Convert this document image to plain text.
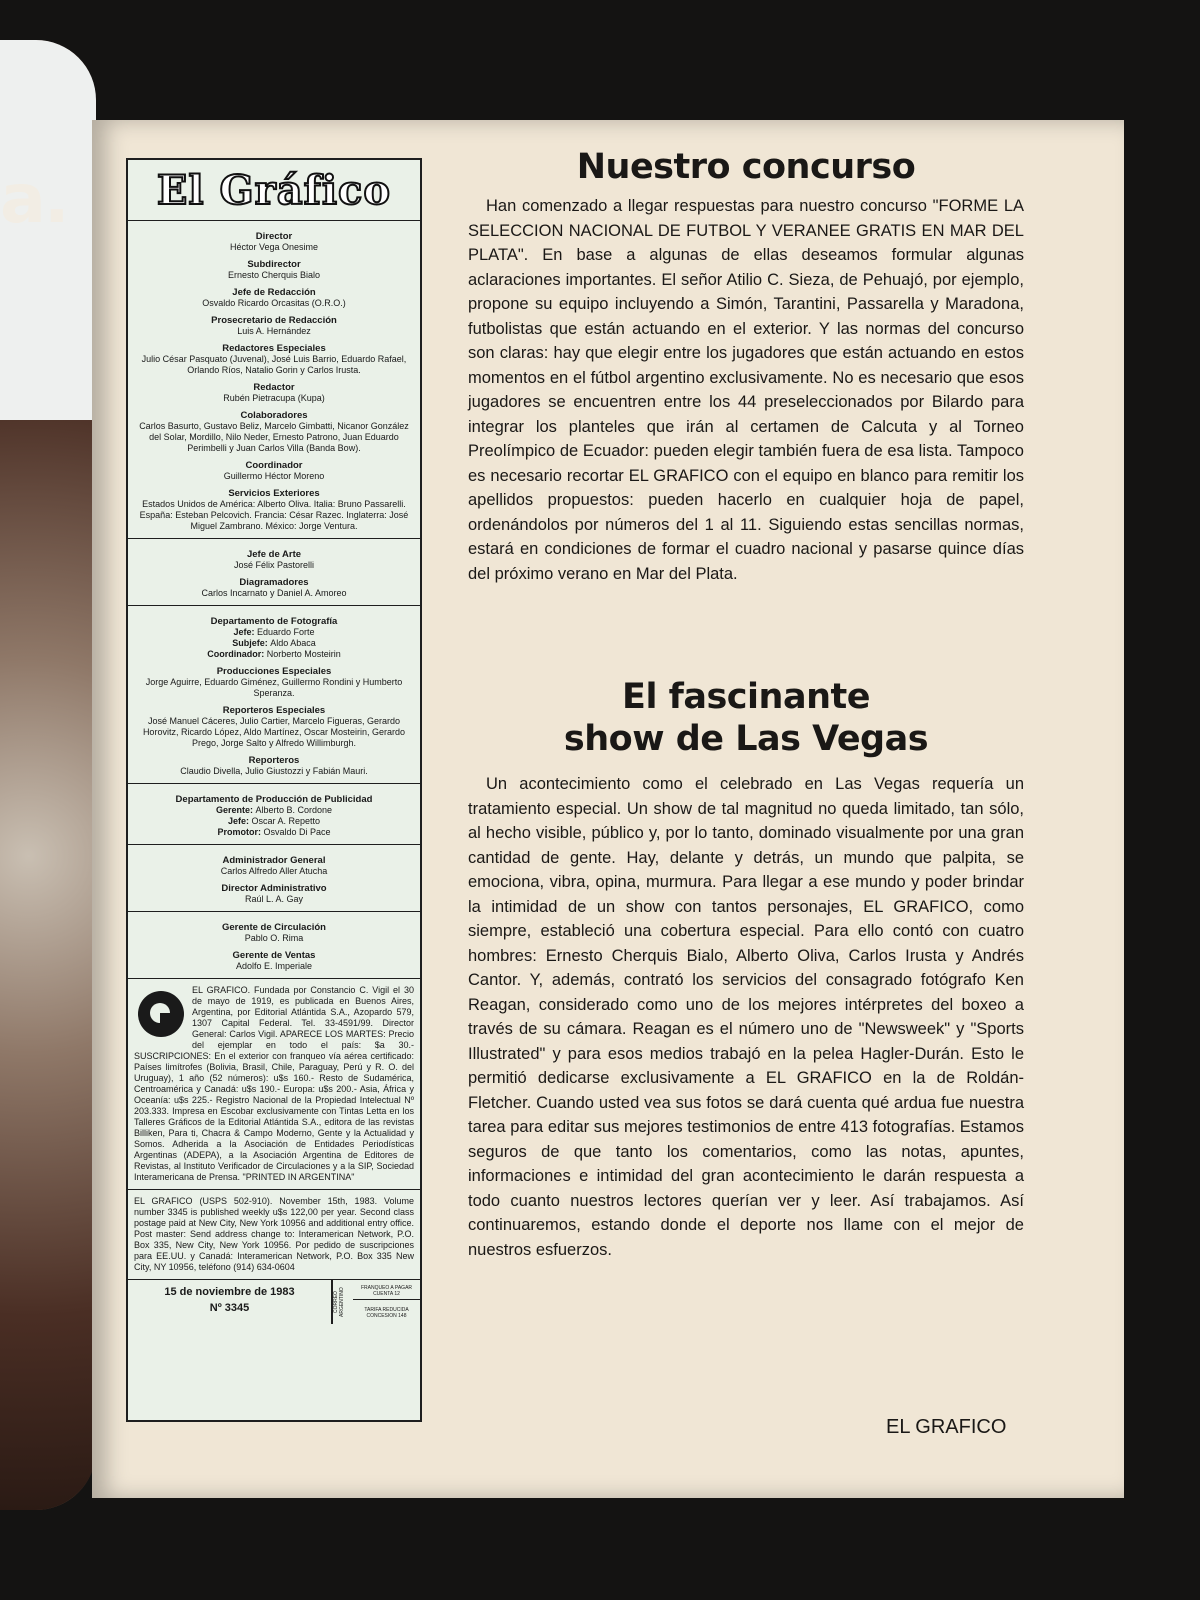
a. El Gráfico
Director
Héctor Vega Onesime
Subdirector
Ernesto Cherquis Bialo
Jefe de Redacción
Osvaldo Ricardo Orcasitas (O.R.O.)
Prosecretario de Redacción
Luis A. Hernández
Redactores Especiales
Julio César Pasquato (Juvenal), José Luis Barrio, Eduardo Rafael, Orlando Ríos, Natalio Gorin y Carlos Irusta.
Redactor
Rubén Pietracupa (Kupa)
Colaboradores
Carlos Basurto, Gustavo Beliz, Marcelo Gimbatti, Nicanor González del Solar, Mordillo, Nilo Neder, Ernesto Patrono, Juan Eduardo Perimbelli y Juan Carlos Villa (Banda Bow).
Coordinador
Guillermo Héctor Moreno
Servicios Exteriores
Estados Unidos de América: Alberto Oliva. Italia: Bruno Passarelli. España: Esteban Pelcovich. Francia: César Razec. Inglaterra: José Miguel Zambrano. México: Jorge Ventura.
Jefe de Arte
José Félix Pastorelli
Diagramadores
Carlos Incarnato y Daniel A. Amoreo
Departamento de Fotografía
Jefe: Eduardo Forte
Subjefe: Aldo Abaca
Coordinador: Norberto Mosteirin
Producciones Especiales
Jorge Aguirre, Eduardo Giménez, Guillermo Rondini y Humberto Speranza.
Reporteros Especiales
José Manuel Cáceres, Julio Cartier, Marcelo Figueras, Gerardo Horovitz, Ricardo López, Aldo Martínez, Oscar Mosteirin, Gerardo Prego, Jorge Salto y Alfredo Willimburgh.
Reporteros
Claudio Divella, Julio Giustozzi y Fabián Mauri.
Departamento de Producción de Publicidad
Gerente: Alberto B. Cordone
Jefe: Oscar A. Repetto
Promotor: Osvaldo Di Pace
Administrador General
Carlos Alfredo Aller Atucha
Director Administrativo
Raúl L. A. Gay
Gerente de Circulación
Pablo O. Rima
Gerente de Ventas
Adolfo E. Imperiale
EL GRAFICO. Fundada por Constancio C. Vigil el 30 de mayo de 1919, es publicada en Buenos Aires, Argentina, por Editorial Atlántida S.A., Azopardo 579, 1307 Capital Federal. Tel. 33-4591/99. Director General: Carlos Vigil. APARECE LOS MARTES: Precio del ejemplar en todo el país: $a 30.- SUSCRIPCIONES: En el exterior con franqueo vía aérea certificado: Países limítrofes (Bolivia, Brasil, Chile, Paraguay, Perú y R. O. del Uruguay), 1 año (52 números): u$s 160.- Resto de Sudamérica, Centroamérica y Canadá: u$s 190.- Europa: u$s 200.- Asia, África y Oceanía: u$s 225.- Registro Nacional de la Propiedad Intelectual Nº 203.333. Impresa en Escobar exclusivamente con Tintas Letta en los Talleres Gráficos de la Editorial Atlántida S.A., editora de las revistas Billiken, Para ti, Chacra & Campo Moderno, Gente y la Actualidad y Somos. Adherida a la Asociación de Entidades Periodísticas Argentinas (ADEPA), a la Asociación Argentina de Editores de Revistas, al Instituto Verificador de Circulaciones y a la SIP, Sociedad Interamericana de Prensa. "PRINTED IN ARGENTINA"
EL GRAFICO (USPS 502-910). November 15th, 1983. Volume number 3345 is published weekly u$s 122,00 per year. Second class postage paid at New City, New York 10956 and additional entry office. Post master: Send address change to: Interamerican Network, P.O. Box 335, New City, New York 10956. Por pedido de suscripciones para EE.UU. y Canadá: Interamerican Network, P.O. Box 335 New City, NY 10956, teléfono (914) 634-0604
15 de noviembre de 1983
Nº 3345	CORREO ARGENTINO	FRANQUEO A PAGAR CUENTA 12
TARIFA REDUCIDA CONCESION 148
Nuestro concurso

Han comenzado a llegar respuestas para nuestro concurso "FORME LA SELECCION NACIONAL DE FUTBOL Y VERANEE GRATIS EN MAR DEL PLATA". En base a algunas de ellas deseamos formular algunas aclaraciones importantes. El señor Atilio C. Sieza, de Pehuajó, por ejemplo, propone su equipo incluyendo a Simón, Tarantini, Passarella y Maradona, futbolistas que están actuando en el exterior. Y las normas del concurso son claras: hay que elegir entre los jugadores que están actuando en estos momentos en el fútbol argentino exclusivamente. No es necesario que esos jugadores se encuentren entre los 44 preseleccionados por Bilardo para integrar los planteles que irán al certamen de Calcuta y al Torneo Preolímpico de Ecuador: pueden elegir también fuera de esa lista. Tampoco es necesario recortar EL GRAFICO con el equipo en blanco para remitir los apellidos propuestos: pueden hacerlo en cualquier hoja de papel, ordenándolos por números del 1 al 11. Siguiendo estas sencillas normas, estará en condiciones de formar el cuadro nacional y pasarse quince días del próximo verano en Mar del Plata.

El fascinante
show de Las Vegas

Un acontecimiento como el celebrado en Las Vegas requería un tratamiento especial. Un show de tal magnitud no queda limitado, tan sólo, al hecho visible, público y, por lo tanto, dominado visualmente por una gran cantidad de gente. Hay, delante y detrás, un mundo que palpita, se emociona, vibra, opina, murmura. Para llegar a ese mundo y poder brindar la intimidad de un show con tantos personajes, EL GRAFICO, como siempre, estableció una cobertura especial. Para ello contó con cuatro hombres: Ernesto Cherquis Bialo, Alberto Oliva, Carlos Irusta y Andrés Cantor. Y, además, contrató los servicios del consagrado fotógrafo Ken Reagan, considerado como uno de los mejores intérpretes del boxeo a través de su cámara. Reagan es el número uno de "Newsweek" y "Sports Illustrated" y para esos medios trabajó en la pelea Hagler-Durán. Esto le permitió dedicarse exclusivamente a EL GRAFICO en la de Roldán-Fletcher. Cuando usted vea sus fotos se dará cuenta qué ardua fue nuestra tarea para editar sus mejores testimonios de entre 413 fotografías. Estamos seguros de que tanto los comentarios, como las notas, apuntes, informaciones e intimidad del gran acontecimiento le darán respuesta a todo cuanto nuestros lectores querían ver y leer. Así trabajamos. Así continuaremos, estando donde el deporte nos llame con el mejor de nuestros esfuerzos.

EL GRAFICO
